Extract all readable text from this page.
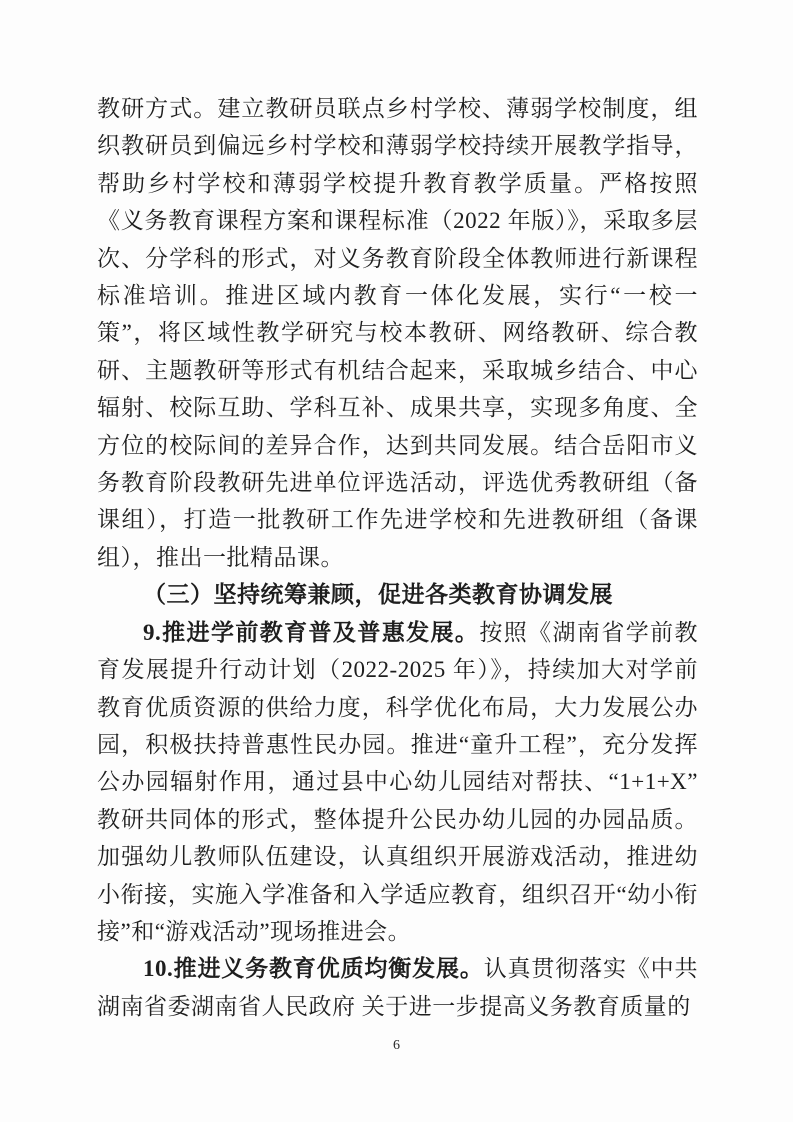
教研方式。建立教研员联点乡村学校、薄弱学校制度，组织教研员到偏远乡村学校和薄弱学校持续开展教学指导，帮助乡村学校和薄弱学校提升教育教学质量。严格按照《义务教育课程方案和课程标准（2022 年版）》，采取多层次、分学科的形式，对义务教育阶段全体教师进行新课程标准培训。推进区域内教育一体化发展，实行“一校一策”，将区域性教学研究与校本教研、网络教研、综合教研、主题教研等形式有机结合起来，采取城乡结合、中心辐射、校际互助、学科互补、成果共享，实现多角度、全方位的校际间的差异合作，达到共同发展。结合岳阳市义务教育阶段教研先进单位评选活动，评选优秀教研组（备课组），打造一批教研工作先进学校和先进教研组（备课组），推出一批精品课。

（三）坚持统筹兼顾，促进各类教育协调发展

9.推进学前教育普及普惠发展。按照《湖南省学前教育发展提升行动计划（2022-2025 年）》，持续加大对学前教育优质资源的供给力度，科学优化布局，大力发展公办园，积极扶持普惠性民办园。推进“童升工程”，充分发挥公办园辐射作用，通过县中心幼儿园结对帮扶、“1+1+X”教研共同体的形式，整体提升公民办幼儿园的办园品质。加强幼儿教师队伍建设，认真组织开展游戏活动，推进幼小衔接，实施入学准备和入学适应教育，组织召开“幼小衔接”和“游戏活动”现场推进会。

10.推进义务教育优质均衡发展。认真贯彻落实《中共湖南省委湖南省人民政府 关于进一步提高义务教育质量的

6
